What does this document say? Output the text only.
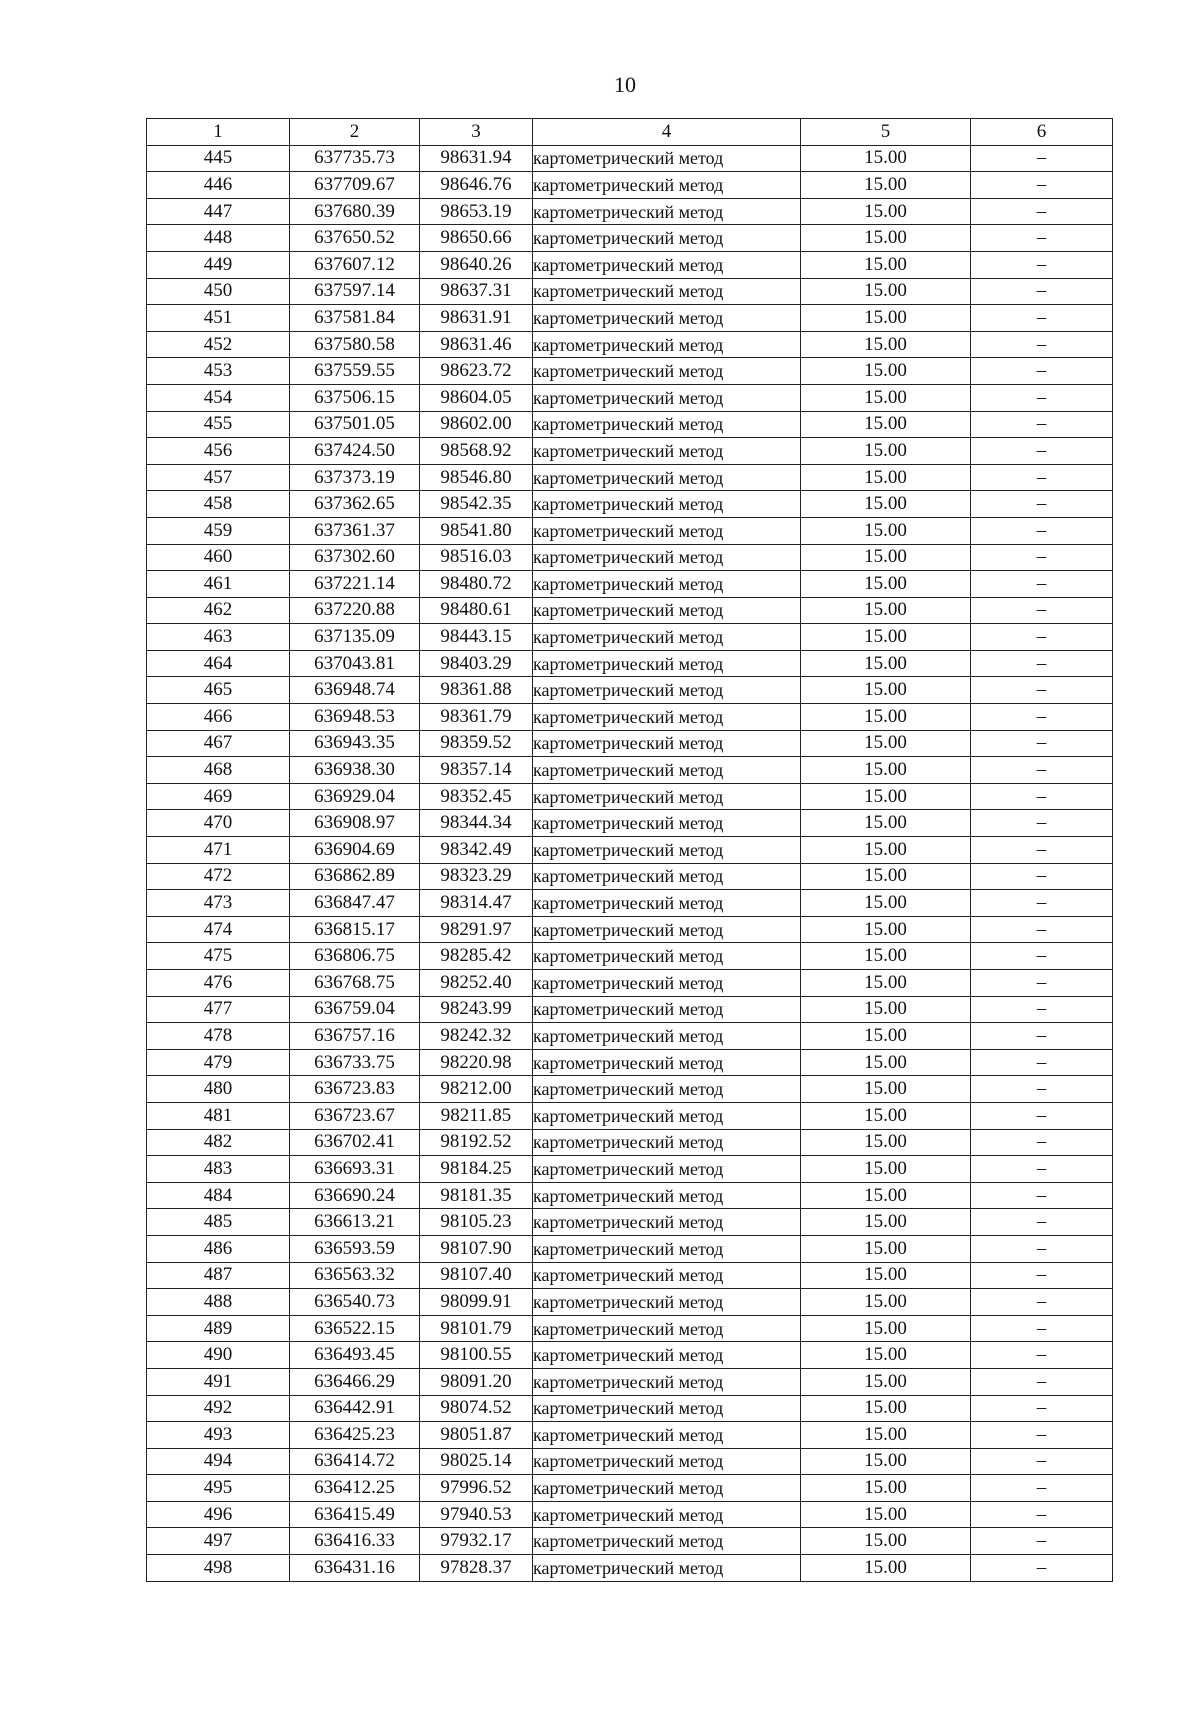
10
1	2	3	4	5	6
445	637735.73	98631.94	картометрический метод	15.00	–
446	637709.67	98646.76	картометрический метод	15.00	–
447	637680.39	98653.19	картометрический метод	15.00	–
448	637650.52	98650.66	картометрический метод	15.00	–
449	637607.12	98640.26	картометрический метод	15.00	–
450	637597.14	98637.31	картометрический метод	15.00	–
451	637581.84	98631.91	картометрический метод	15.00	–
452	637580.58	98631.46	картометрический метод	15.00	–
453	637559.55	98623.72	картометрический метод	15.00	–
454	637506.15	98604.05	картометрический метод	15.00	–
455	637501.05	98602.00	картометрический метод	15.00	–
456	637424.50	98568.92	картометрический метод	15.00	–
457	637373.19	98546.80	картометрический метод	15.00	–
458	637362.65	98542.35	картометрический метод	15.00	–
459	637361.37	98541.80	картометрический метод	15.00	–
460	637302.60	98516.03	картометрический метод	15.00	–
461	637221.14	98480.72	картометрический метод	15.00	–
462	637220.88	98480.61	картометрический метод	15.00	–
463	637135.09	98443.15	картометрический метод	15.00	–
464	637043.81	98403.29	картометрический метод	15.00	–
465	636948.74	98361.88	картометрический метод	15.00	–
466	636948.53	98361.79	картометрический метод	15.00	–
467	636943.35	98359.52	картометрический метод	15.00	–
468	636938.30	98357.14	картометрический метод	15.00	–
469	636929.04	98352.45	картометрический метод	15.00	–
470	636908.97	98344.34	картометрический метод	15.00	–
471	636904.69	98342.49	картометрический метод	15.00	–
472	636862.89	98323.29	картометрический метод	15.00	–
473	636847.47	98314.47	картометрический метод	15.00	–
474	636815.17	98291.97	картометрический метод	15.00	–
475	636806.75	98285.42	картометрический метод	15.00	–
476	636768.75	98252.40	картометрический метод	15.00	–
477	636759.04	98243.99	картометрический метод	15.00	–
478	636757.16	98242.32	картометрический метод	15.00	–
479	636733.75	98220.98	картометрический метод	15.00	–
480	636723.83	98212.00	картометрический метод	15.00	–
481	636723.67	98211.85	картометрический метод	15.00	–
482	636702.41	98192.52	картометрический метод	15.00	–
483	636693.31	98184.25	картометрический метод	15.00	–
484	636690.24	98181.35	картометрический метод	15.00	–
485	636613.21	98105.23	картометрический метод	15.00	–
486	636593.59	98107.90	картометрический метод	15.00	–
487	636563.32	98107.40	картометрический метод	15.00	–
488	636540.73	98099.91	картометрический метод	15.00	–
489	636522.15	98101.79	картометрический метод	15.00	–
490	636493.45	98100.55	картометрический метод	15.00	–
491	636466.29	98091.20	картометрический метод	15.00	–
492	636442.91	98074.52	картометрический метод	15.00	–
493	636425.23	98051.87	картометрический метод	15.00	–
494	636414.72	98025.14	картометрический метод	15.00	–
495	636412.25	97996.52	картометрический метод	15.00	–
496	636415.49	97940.53	картометрический метод	15.00	–
497	636416.33	97932.17	картометрический метод	15.00	–
498	636431.16	97828.37	картометрический метод	15.00	–
